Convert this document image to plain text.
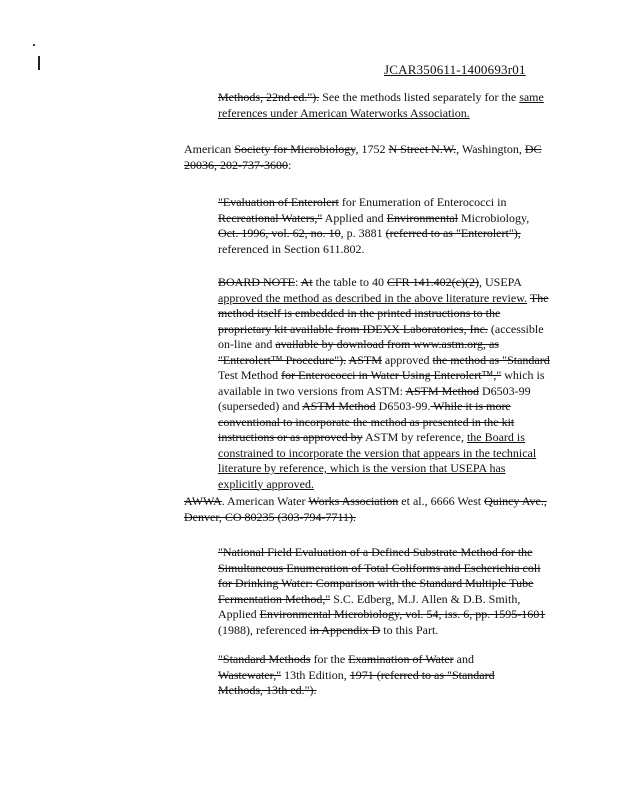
JCAR350611-1400693r01

Methods, 22nd ed."). See the methods listed separately for the same references under American Waterworks Association.

American Society for Microbiology, 1752 N Street N.W., Washington, DC 20036, 202-737-3600:

"Evaluation of Enterolert for Enumeration of Enterococci in Recreational Waters," Applied and Environmental Microbiology, Oct. 1996, vol. 62, no. 10, p. 3881 (referred to as "Enterolert"), referenced in Section 611.802.

BOARD NOTE: At the table to 40 CFR 141.402(c)(2), USEPA approved the method as described in the above literature review. The method itself is embedded in the printed instructions to the proprietary kit available from IDEXX Laboratories, Inc. (accessible on-line and available by download from www.astm.org, as "Enterolert™ Procedure"). ASTM approved the method as "Standard Test Method for Enterococci in Water Using Enterolert™," which is available in two versions from ASTM: ASTM Method D6503-99 (superseded) and ASTM Method D6503-99. While it is more conventional to incorporate the method as presented in the kit instructions or as approved by ASTM by reference, the Board is constrained to incorporate the version that appears in the technical literature by reference, which is the version that USEPA has explicitly approved.

AWWA. American Water Works Association et al., 6666 West Quincy Ave., Denver, CO 80235 (303-794-7711).

"National Field Evaluation of a Defined Substrate Method for the Simultaneous Enumeration of Total Coliforms and Escherichia coli for Drinking Water: Comparison with the Standard Multiple Tube Fermentation Method," S.C. Edberg, M.J. Allen & D.B. Smith, Applied Environmental Microbiology, vol. 54, iss. 6, pp. 1595-1601 (1988), referenced in Appendix D to this Part.

"Standard Methods for the Examination of Water and Wastewater," 13th Edition, 1971 (referred to as "Standard Methods, 13th ed.").
